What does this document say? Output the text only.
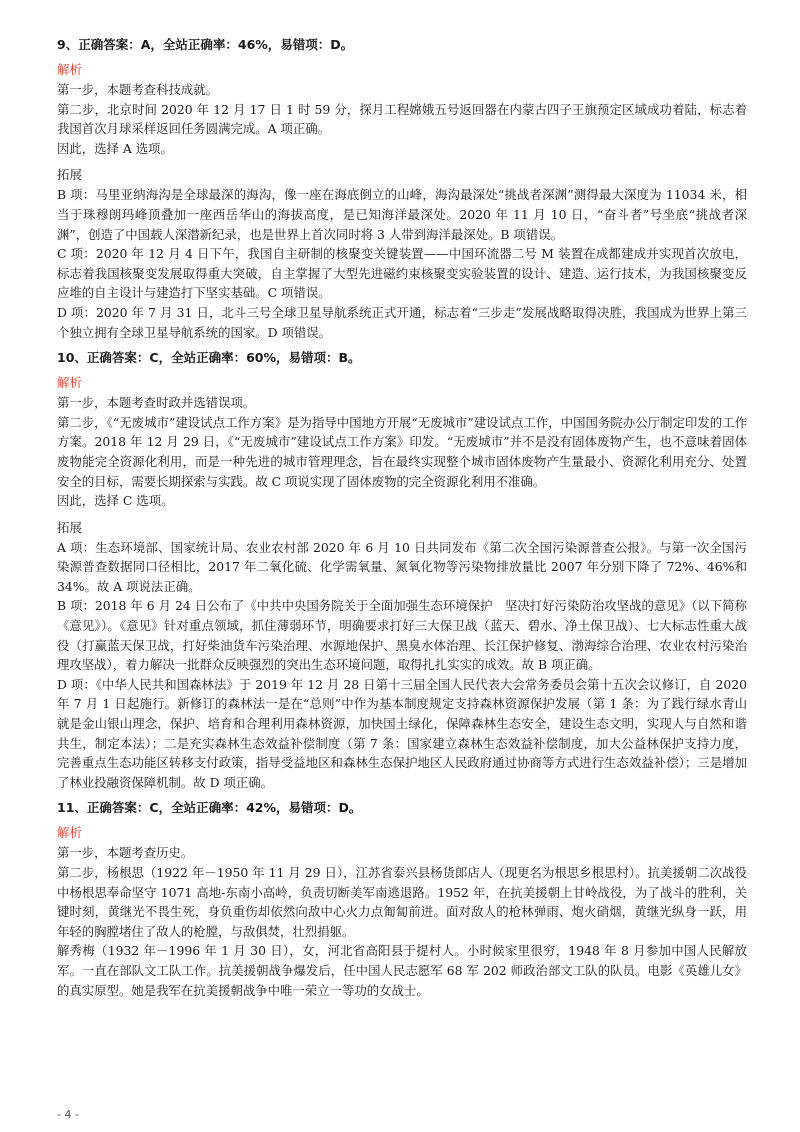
9、正确答案：A，全站正确率：46%，易错项：D。
解析

第一步，本题考查科技成就。

第二步，北京时间 2020 年 12 月 17 日 1 时 59 分，探月工程嫦娥五号返回器在内蒙古四子王旗预定区域成功着陆，标志着我国首次月球采样返回任务圆满完成。A 项正确。

因此，选择 A 选项。

拓展

B 项：马里亚纳海沟是全球最深的海沟，像一座在海底倒立的山峰，海沟最深处“挑战者深渊”测得最大深度为 11034 米，相当于珠穆朗玛峰顶叠加一座西岳华山的海拔高度，是已知海洋最深处。2020 年 11 月 10 日，“奋斗者”号坐底“挑战者深渊”，创造了中国载人深潜新纪录，也是世界上首次同时将 3 人带到海洋最深处。B 项错误。

C 项：2020 年 12 月 4 日下午，我国自主研制的核聚变关键装置——中国环流器二号 M 装置在成都建成并实现首次放电，标志着我国核聚变发展取得重大突破，自主掌握了大型先进磁约束核聚变实验装置的设计、建造、运行技术，为我国核聚变反应堆的自主设计与建造打下坚实基础。C 项错误。

D 项：2020 年 7 月 31 日，北斗三号全球卫星导航系统正式开通，标志着“三步走”发展战略取得决胜，我国成为世界上第三个独立拥有全球卫星导航系统的国家。D 项错误。

10、正确答案：C，全站正确率：60%，易错项：B。
解析

第一步，本题考查时政并选错误项。

第二步，《“无废城市”建设试点工作方案》是为指导中国地方开展“无废城市”建设试点工作，中国国务院办公厅制定印发的工作方案。2018 年 12 月 29 日，《“无废城市”建设试点工作方案》印发。“无废城市”并不是没有固体废物产生，也不意味着固体废物能完全资源化利用，而是一种先进的城市管理理念，旨在最终实现整个城市固体废物产生量最小、资源化利用充分、处置安全的目标，需要长期探索与实践。故 C 项说实现了固体废物的完全资源化利用不准确。

因此，选择 C 选项。

拓展

A 项：生态环境部、国家统计局、农业农村部 2020 年 6 月 10 日共同发布《第二次全国污染源普查公报》。与第一次全国污染源普查数据同口径相比，2017 年二氧化硫、化学需氧量、氮氧化物等污染物排放量比 2007 年分别下降了 72%、46%和 34%。故 A 项说法正确。

B 项：2018 年 6 月 24 日公布了《中共中央国务院关于全面加强生态环境保护　坚决打好污染防治攻坚战的意见》（以下简称《意见》）。《意见》针对重点领域，抓住薄弱环节，明确要求打好三大保卫战（蓝天、碧水、净土保卫战）、七大标志性重大战役（打赢蓝天保卫战，打好柴油货车污染治理、水源地保护、黑臭水体治理、长江保护修复、渤海综合治理、农业农村污染治理攻坚战），着力解决一批群众反映强烈的突出生态环境问题，取得扎扎实实的成效。故 B 项正确。

D 项：《中华人民共和国森林法》于 2019 年 12 月 28 日第十三届全国人民代表大会常务委员会第十五次会议修订，自 2020 年 7 月 1 日起施行。新修订的森林法一是在“总则”中作为基本制度规定支持森林资源保护发展（第 1 条：为了践行绿水青山就是金山银山理念，保护、培育和合理利用森林资源，加快国土绿化，保障森林生态安全，建设生态文明，实现人与自然和谐共生，制定本法）；二是充实森林生态效益补偿制度（第 7 条：国家建立森林生态效益补偿制度，加大公益林保护支持力度，完善重点生态功能区转移支付政策，指导受益地区和森林生态保护地区人民政府通过协商等方式进行生态效益补偿）；三是增加了林业投融资保障机制。故 D 项正确。

11、正确答案：C，全站正确率：42%，易错项：D。
解析

第一步，本题考查历史。

第二步，杨根思（1922 年－1950 年 11 月 29 日），江苏省泰兴县杨货郎店人（现更名为根思乡根思村）。抗美援朝二次战役中杨根思奉命坚守 1071 高地-东南小高岭，负责切断美军南逃退路。1952 年，在抗美援朝上甘岭战役，为了战斗的胜利，关键时刻，黄继光不畏生死，身负重伤却依然向敌中心火力点匍匐前进。面对敌人的枪林弹雨、炮火硝烟，黄继光纵身一跃，用年轻的胸膛堵住了敌人的枪膛，与敌俱焚，壮烈捐躯。

解秀梅（1932 年－1996 年 1 月 30 日），女，河北省高阳县于提村人。小时候家里很穷，1948 年 8 月参加中国人民解放军。一直在部队文工队工作。抗美援朝战争爆发后，任中国人民志愿军 68 军 202 师政治部文工队的队员。电影《英雄儿女》的真实原型。她是我军在抗美援朝战争中唯一荣立一等功的女战士。

- 4 -
